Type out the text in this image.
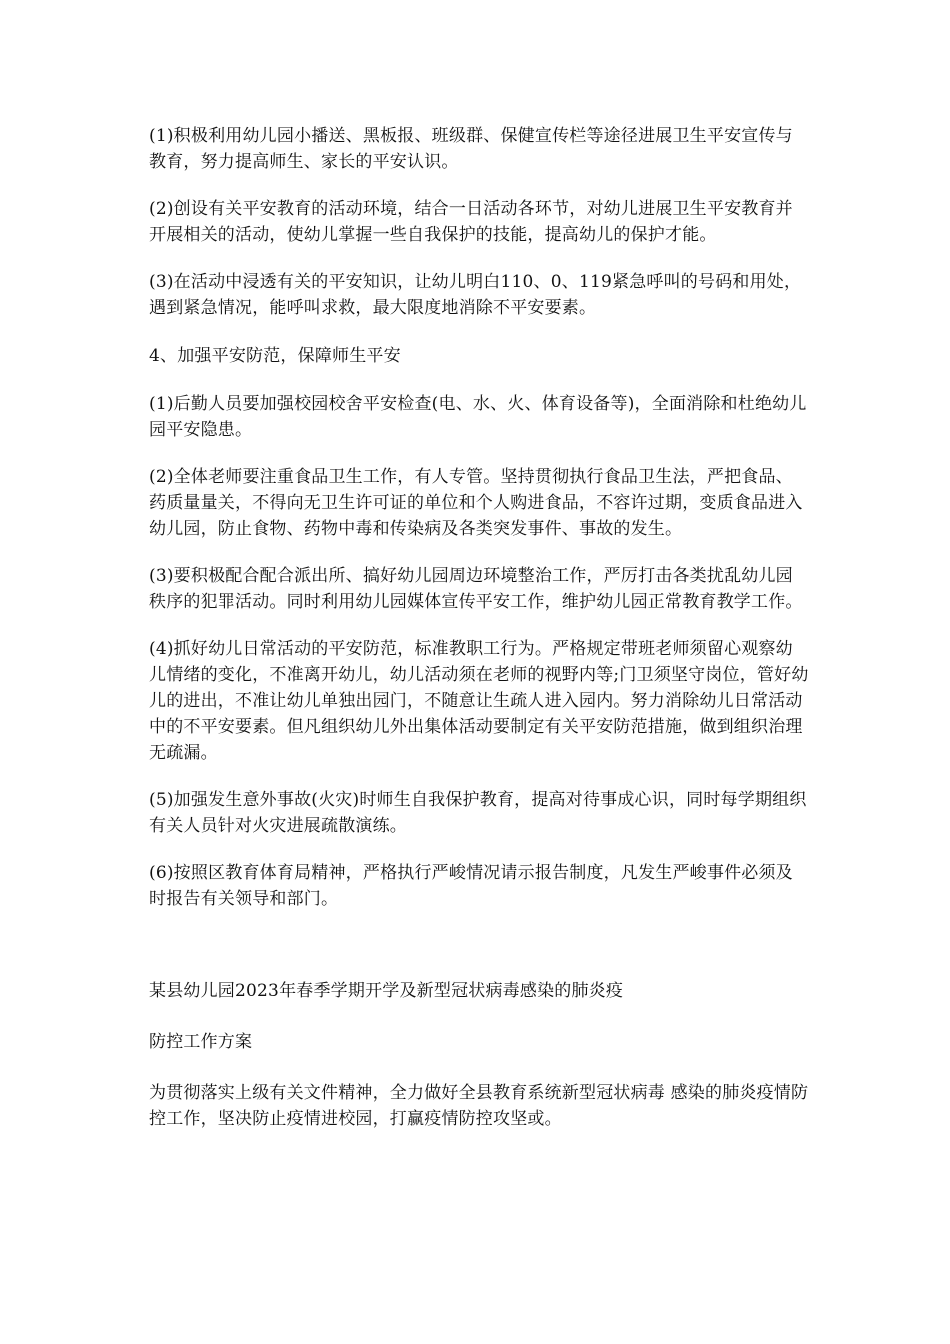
(1)积极利用幼儿园小播送、黑板报、班级群、保健宣传栏等途径进展卫生平安宣传与教育，努力提高师生、家长的平安认识。

(2)创设有关平安教育的活动环境，结合一日活动各环节，对幼儿进展卫生平安教育并开展相关的活动，使幼儿掌握一些自我保护的技能，提高幼儿的保护才能。

(3)在活动中浸透有关的平安知识，让幼儿明白110、0、119紧急呼叫的号码和用处，遇到紧急情况，能呼叫求救，最大限度地消除不平安要素。

4、加强平安防范，保障师生平安

(1)后勤人员要加强校园校舍平安检查(电、水、火、体育设备等)，全面消除和杜绝幼儿园平安隐患。

(2)全体老师要注重食品卫生工作，有人专管。坚持贯彻执行食品卫生法，严把食品、药质量量关，不得向无卫生许可证的单位和个人购进食品，不容许过期，变质食品进入幼儿园，防止食物、药物中毒和传染病及各类突发事件、事故的发生。

(3)要积极配合配合派出所、搞好幼儿园周边环境整治工作，严厉打击各类扰乱幼儿园秩序的犯罪活动。同时利用幼儿园媒体宣传平安工作，维护幼儿园正常教育教学工作。

(4)抓好幼儿日常活动的平安防范，标准教职工行为。严格规定带班老师须留心观察幼儿情绪的变化，不准离开幼儿，幼儿活动须在老师的视野内等;门卫须坚守岗位，管好幼儿的进出，不准让幼儿单独出园门，不随意让生疏人进入园内。努力消除幼儿日常活动中的不平安要素。但凡组织幼儿外出集体活动要制定有关平安防范措施，做到组织治理无疏漏。

(5)加强发生意外事故(火灾)时师生自我保护教育，提高对待事成心识，同时每学期组织有关人员针对火灾进展疏散演练。

(6)按照区教育体育局精神，严格执行严峻情况请示报告制度，凡发生严峻事件必须及时报告有关领导和部门。

某县幼儿园2023年春季学期开学及新型冠状病毒感染的肺炎疫

防控工作方案

为贯彻落实上级有关文件精神，全力做好全县教育系统新型冠状病毒 感染的肺炎疫情防控工作，坚决防止疫情进校园，打赢疫情防控攻坚或。
